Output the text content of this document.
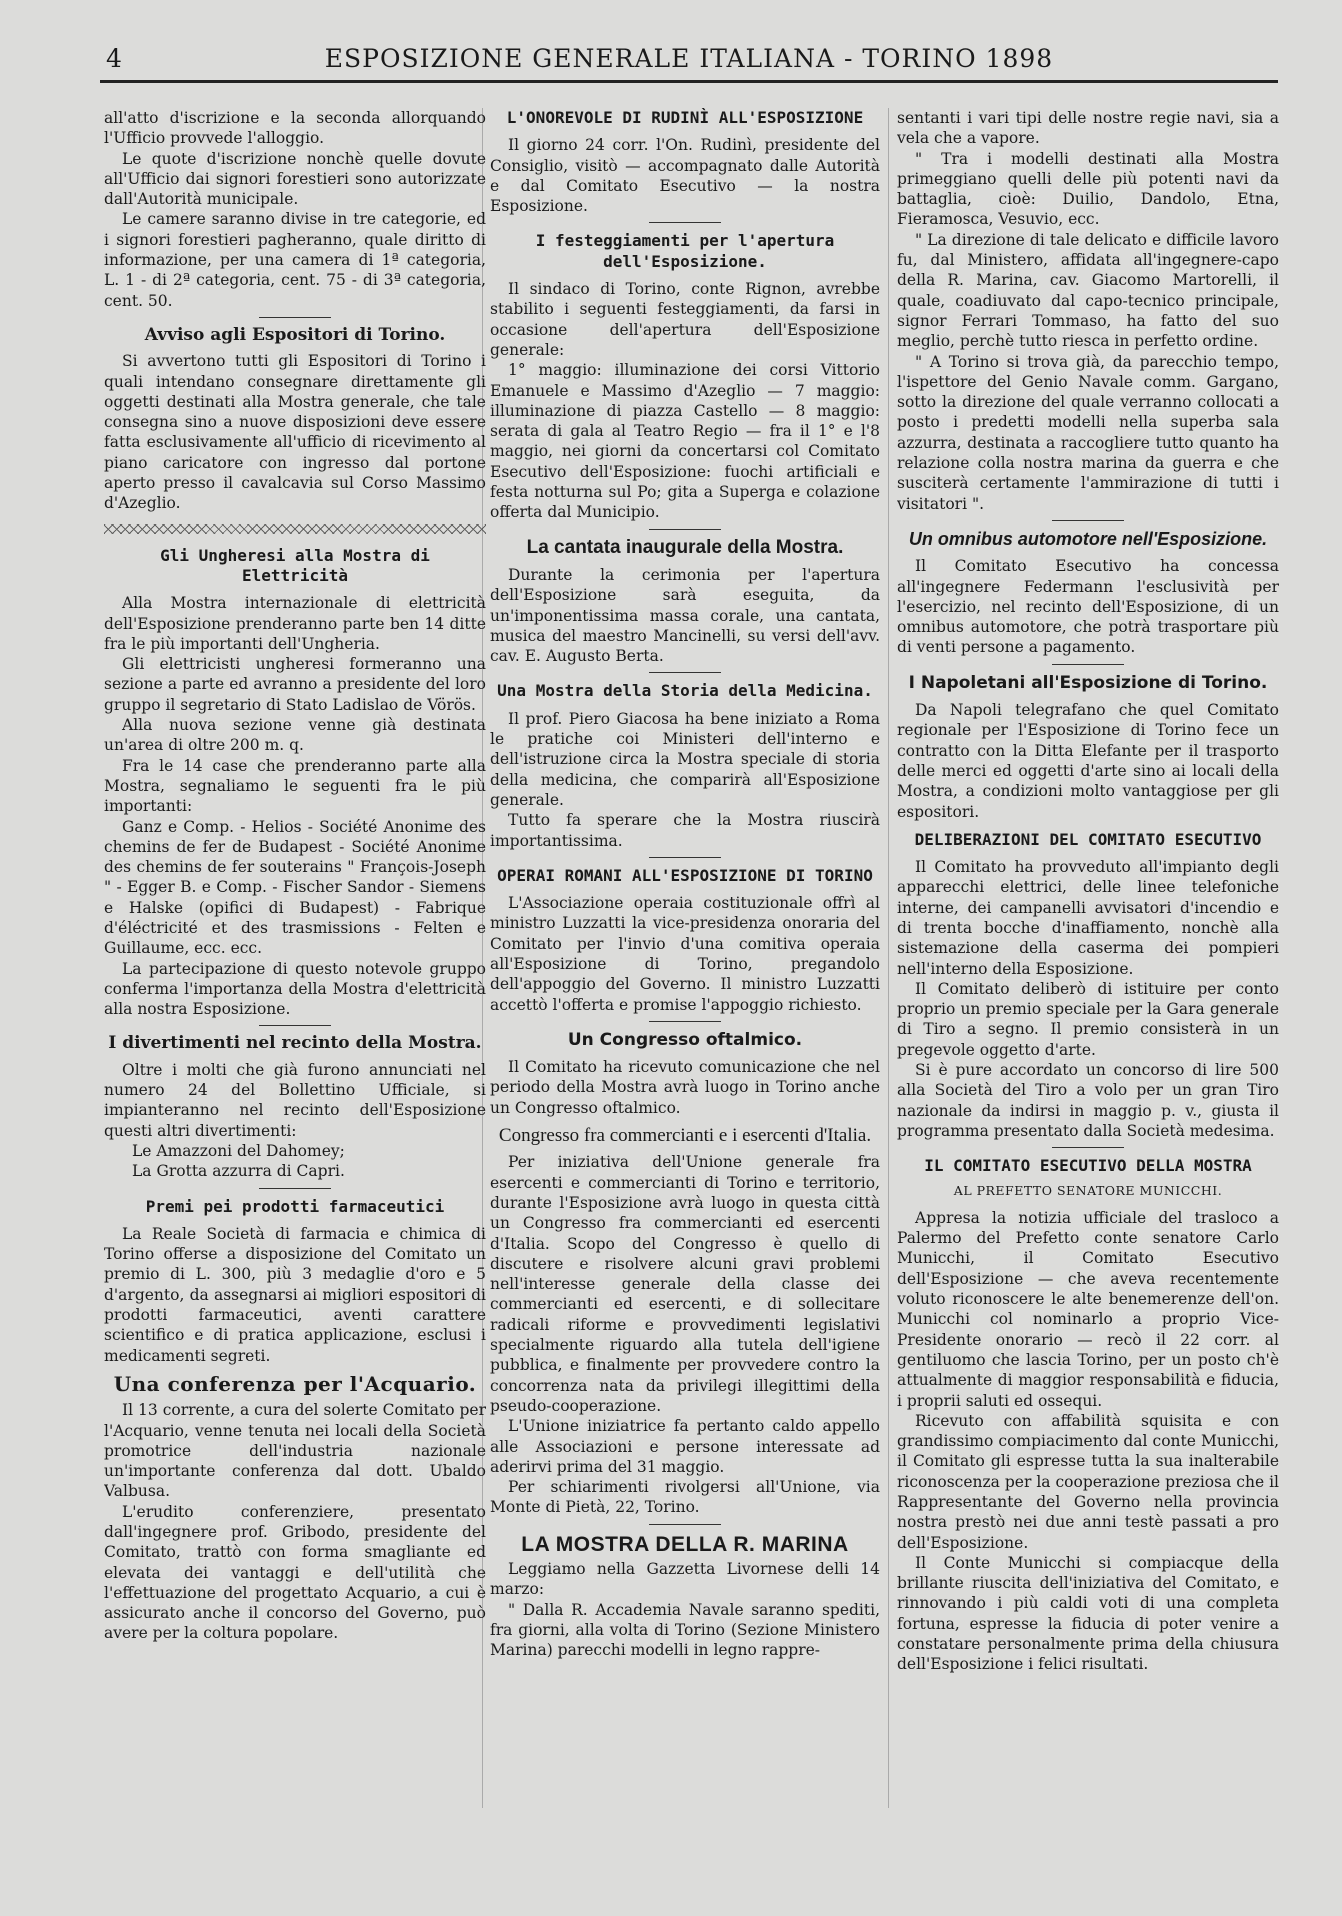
4	ESPOSIZIONE GENERALE ITALIANA - TORINO 1898

all'atto d'iscrizione e la seconda allorquando l'Ufficio provvede l'alloggio.

Le quote d'iscrizione nonchè quelle dovute all'Ufficio dai signori forestieri sono autorizzate dall'Autorità municipale.

Le camere saranno divise in tre categorie, ed i signori forestieri pagheranno, quale diritto di informazione, per una camera di 1ª categoria, L. 1 - di 2ª categoria, cent. 75 - di 3ª categoria, cent. 50.

Avviso agli Espositori di Torino.

Si avvertono tutti gli Espositori di Torino i quali intendano consegnare direttamente gli oggetti destinati alla Mostra generale, che tale consegna sino a nuove disposizioni deve essere fatta esclusivamente all'ufficio di ricevimento al piano caricatore con ingresso dal portone aperto presso il cavalcavia sul Corso Massimo d'Azeglio.

Gli Ungheresi alla Mostra di Elettricità

Alla Mostra internazionale di elettricità dell'Esposizione prenderanno parte ben 14 ditte fra le più importanti dell'Ungheria.

Gli elettricisti ungheresi formeranno una sezione a parte ed avranno a presidente del loro gruppo il segretario di Stato Ladislao de Vörös.

Alla nuova sezione venne già destinata un'area di oltre 200 m. q.

Fra le 14 case che prenderanno parte alla Mostra, segnaliamo le seguenti fra le più importanti:

Ganz e Comp. - Helios - Société Anonime des chemins de fer de Budapest - Société Anonime des chemins de fer souterains " François-Joseph " - Egger B. e Comp. - Fischer Sandor - Siemens e Halske (opifici di Budapest) - Fabrique d'éléctricité et des trasmissions - Felten e Guillaume, ecc. ecc.

La partecipazione di questo notevole gruppo conferma l'importanza della Mostra d'elettricità alla nostra Esposizione.

I divertimenti nel recinto della Mostra.

Oltre i molti che già furono annunciati nel numero 24 del Bollettino Ufficiale, si impianteranno nel recinto dell'Esposizione questi altri divertimenti:

Le Amazzoni del Dahomey;

La Grotta azzurra di Capri.

Premi pei prodotti farmaceutici

La Reale Società di farmacia e chimica di Torino offerse a disposizione del Comitato un premio di L. 300, più 3 medaglie d'oro e 5 d'argento, da assegnarsi ai migliori espositori di prodotti farmaceutici, aventi carattere scientifico e di pratica applicazione, esclusi i medicamenti segreti.

Una conferenza per l'Acquario.

Il 13 corrente, a cura del solerte Comitato per l'Acquario, venne tenuta nei locali della Società promotrice dell'industria nazionale un'importante conferenza dal dott. Ubaldo Valbusa.

L'erudito conferenziere, presentato dall'ingegnere prof. Gribodo, presidente del Comitato, trattò con forma smagliante ed elevata dei vantaggi e dell'utilità che l'effettuazione del progettato Acquario, a cui è assicurato anche il concorso del Governo, può avere per la coltura popolare.

L'ONOREVOLE DI RUDINÌ ALL'ESPOSIZIONE

Il giorno 24 corr. l'On. Rudinì, presidente del Consiglio, visitò — accompagnato dalle Autorità e dal Comitato Esecutivo — la nostra Esposizione.

I festeggiamenti per l'apertura dell'Esposizione.

Il sindaco di Torino, conte Rignon, avrebbe stabilito i seguenti festeggiamenti, da farsi in occasione dell'apertura dell'Esposizione generale:

1° maggio: illuminazione dei corsi Vittorio Emanuele e Massimo d'Azeglio — 7 maggio: illuminazione di piazza Castello — 8 maggio: serata di gala al Teatro Regio — fra il 1° e l'8 maggio, nei giorni da concertarsi col Comitato Esecutivo dell'Esposizione: fuochi artificiali e festa notturna sul Po; gita a Superga e colazione offerta dal Municipio.

La cantata inaugurale della Mostra.

Durante la cerimonia per l'apertura dell'Esposizione sarà eseguita, da un'imponentissima massa corale, una cantata, musica del maestro Mancinelli, su versi dell'avv. cav. E. Augusto Berta.

Una Mostra della Storia della Medicina.

Il prof. Piero Giacosa ha bene iniziato a Roma le pratiche coi Ministeri dell'interno e dell'istruzione circa la Mostra speciale di storia della medicina, che comparirà all'Esposizione generale.

Tutto fa sperare che la Mostra riuscirà importantissima.

OPERAI ROMANI ALL'ESPOSIZIONE DI TORINO

L'Associazione operaia costituzionale offrì al ministro Luzzatti la vice-presidenza onoraria del Comitato per l'invio d'una comitiva operaia all'Esposizione di Torino, pregandolo dell'appoggio del Governo. Il ministro Luzzatti accettò l'offerta e promise l'appoggio richiesto.

Un Congresso oftalmico.

Il Comitato ha ricevuto comunicazione che nel periodo della Mostra avrà luogo in Torino anche un Congresso oftalmico.

Congresso fra commercianti e i esercenti d'Italia.

Per iniziativa dell'Unione generale fra esercenti e commercianti di Torino e territorio, durante l'Esposizione avrà luogo in questa città un Congresso fra commercianti ed esercenti d'Italia. Scopo del Congresso è quello di discutere e risolvere alcuni gravi problemi nell'interesse generale della classe dei commercianti ed esercenti, e di sollecitare radicali riforme e provvedimenti legislativi specialmente riguardo alla tutela dell'igiene pubblica, e finalmente per provvedere contro la concorrenza nata da privilegi illegittimi della pseudo-cooperazione.

L'Unione iniziatrice fa pertanto caldo appello alle Associazioni e persone interessate ad aderirvi prima del 31 maggio.

Per schiarimenti rivolgersi all'Unione, via Monte di Pietà, 22, Torino.

LA MOSTRA DELLA R. MARINA

Leggiamo nella Gazzetta Livornese delli 14 marzo:

" Dalla R. Accademia Navale saranno spediti, fra giorni, alla volta di Torino (Sezione Ministero Marina) parecchi modelli in legno rappre-

sentanti i vari tipi delle nostre regie navi, sia a vela che a vapore.

" Tra i modelli destinati alla Mostra primeggiano quelli delle più potenti navi da battaglia, cioè: Duilio, Dandolo, Etna, Fieramosca, Vesuvio, ecc.

" La direzione di tale delicato e difficile lavoro fu, dal Ministero, affidata all'ingegnere-capo della R. Marina, cav. Giacomo Martorelli, il quale, coadiuvato dal capo-tecnico principale, signor Ferrari Tommaso, ha fatto del suo meglio, perchè tutto riesca in perfetto ordine.

" A Torino si trova già, da parecchio tempo, l'ispettore del Genio Navale comm. Gargano, sotto la direzione del quale verranno collocati a posto i predetti modelli nella superba sala azzurra, destinata a raccogliere tutto quanto ha relazione colla nostra marina da guerra e che susciterà certamente l'ammirazione di tutti i visitatori ".

Un omnibus automotore nell'Esposizione.

Il Comitato Esecutivo ha concessa all'ingegnere Federmann l'esclusività per l'esercizio, nel recinto dell'Esposizione, di un omnibus automotore, che potrà trasportare più di venti persone a pagamento.

I Napoletani all'Esposizione di Torino.

Da Napoli telegrafano che quel Comitato regionale per l'Esposizione di Torino fece un contratto con la Ditta Elefante per il trasporto delle merci ed oggetti d'arte sino ai locali della Mostra, a condizioni molto vantaggiose per gli espositori.

DELIBERAZIONI DEL COMITATO ESECUTIVO

Il Comitato ha provveduto all'impianto degli apparecchi elettrici, delle linee telefoniche interne, dei campanelli avvisatori d'incendio e di trenta bocche d'inaffiamento, nonchè alla sistemazione della caserma dei pompieri nell'interno della Esposizione.

Il Comitato deliberò di istituire per conto proprio un premio speciale per la Gara generale di Tiro a segno. Il premio consisterà in un pregevole oggetto d'arte.

Si è pure accordato un concorso di lire 500 alla Società del Tiro a volo per un gran Tiro nazionale da indirsi in maggio p. v., giusta il programma presentato dalla Società medesima.

IL COMITATO ESECUTIVO DELLA MOSTRA
AL PREFETTO SENATORE MUNICCHI.

Appresa la notizia ufficiale del trasloco a Palermo del Prefetto conte senatore Carlo Municchi, il Comitato Esecutivo dell'Esposizione — che aveva recentemente voluto riconoscere le alte benemerenze dell'on. Municchi col nominarlo a proprio Vice-Presidente onorario — recò il 22 corr. al gentiluomo che lascia Torino, per un posto ch'è attualmente di maggior responsabilità e fiducia, i proprii saluti ed ossequi.

Ricevuto con affabilità squisita e con grandissimo compiacimento dal conte Municchi, il Comitato gli espresse tutta la sua inalterabile riconoscenza per la cooperazione preziosa che il Rappresentante del Governo nella provincia nostra prestò nei due anni testè passati a pro dell'Esposizione.

Il Conte Municchi si compiacque della brillante riuscita dell'iniziativa del Comitato, e rinnovando i più caldi voti di una completa fortuna, espresse la fiducia di poter venire a constatare personalmente prima della chiusura dell'Esposizione i felici risultati.
